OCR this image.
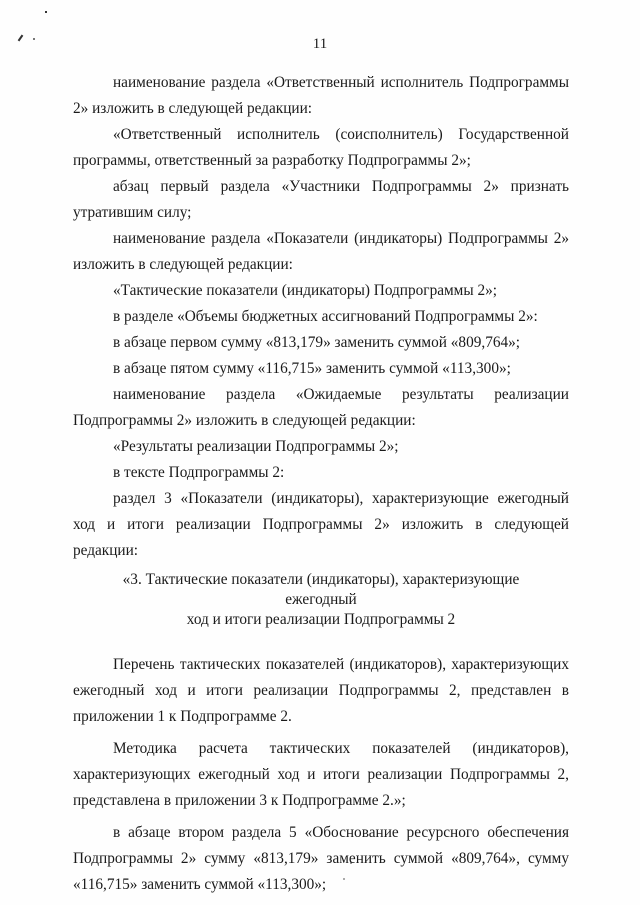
11

наименование раздела «Ответственный исполнитель Подпрограммы 2» изложить в следующей редакции:

«Ответственный исполнитель (соисполнитель) Государственной программы, ответственный за разработку Подпрограммы 2»;

абзац первый раздела «Участники Подпрограммы 2» признать утратившим силу;

наименование раздела «Показатели (индикаторы) Подпрограммы 2» изложить в следующей редакции:

«Тактические показатели (индикаторы) Подпрограммы 2»;

в разделе «Объемы бюджетных ассигнований Подпрограммы 2»:

в абзаце первом сумму «813,179» заменить суммой «809,764»;

в абзаце пятом сумму «116,715» заменить суммой «113,300»;

наименование раздела «Ожидаемые результаты реализации Подпрограммы 2» изложить в следующей редакции:

«Результаты реализации Подпрограммы 2»;

в тексте Подпрограммы 2:

раздел 3 «Показатели (индикаторы), характеризующие ежегодный ход и итоги реализации Подпрограммы 2» изложить в следующей редакции:

«3. Тактические показатели (индикаторы), характеризующие ежегодный
ход и итоги реализации Подпрограммы 2

Перечень тактических показателей (индикаторов), характеризующих ежегодный ход и итоги реализации Подпрограммы 2, представлен в приложении 1 к Подпрограмме 2.

Методика расчета тактических показателей (индикаторов), характеризующих ежегодный ход и итоги реализации Подпрограммы 2, представлена в приложении 3 к Подпрограмме 2.»;

в абзаце втором раздела 5 «Обоснование ресурсного обеспечения Подпрограммы 2» сумму «813,179» заменить суммой «809,764», сумму «116,715» заменить суммой «113,300»;
